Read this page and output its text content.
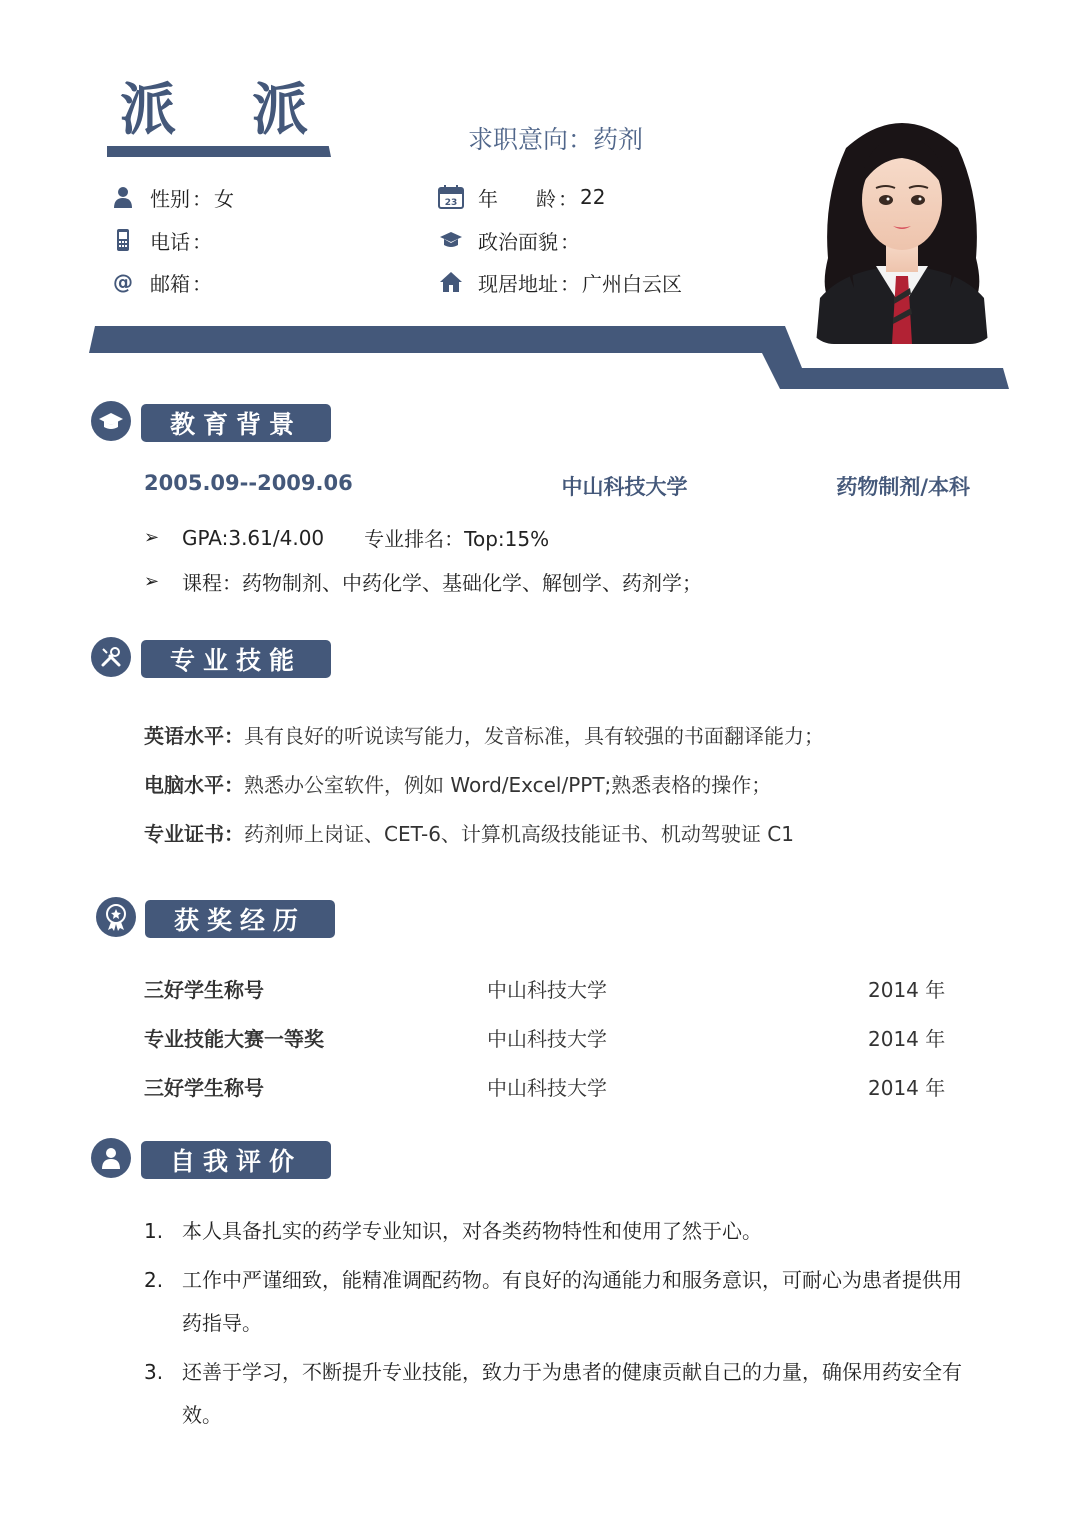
派 派	求职意向：药剂
性别 ： 女
电话 ：
@ 邮箱 ：
23 年 龄 ： 22
政治面貌 ：
现居地址 ： 广州白云区
教育背景
2005.09--2009.06	中山科技大学	药物制剂/本科
➢	GPA:3.61/4.00 专业排名：Top:15%
➢	课程：药物制剂、中药化学、基础化学、解刨学、药剂学；
专业技能
英语水平：具有良好的听说读写能力，发音标准，具有较强的书面翻译能力；
电脑水平：熟悉办公室软件，例如 Word/Excel/PPT;熟悉表格的操作；
专业证书：药剂师上岗证、CET-6、计算机高级技能证书、机动驾驶证 C1
获奖经历
三好学生称号	中山科技大学	2014 年
专业技能大赛一等奖	中山科技大学	2014 年
三好学生称号	中山科技大学	2014 年
自我评价
1. 本人具备扎实的药学专业知识，对各类药物特性和使用了然于心。
2. 工作中严谨细致，能精准调配药物。有良好的沟通能力和服务意识，可耐心为患者提供用
药指导。
3. 还善于学习，不断提升专业技能，致力于为患者的健康贡献自己的力量，确保用药安全有
效。
